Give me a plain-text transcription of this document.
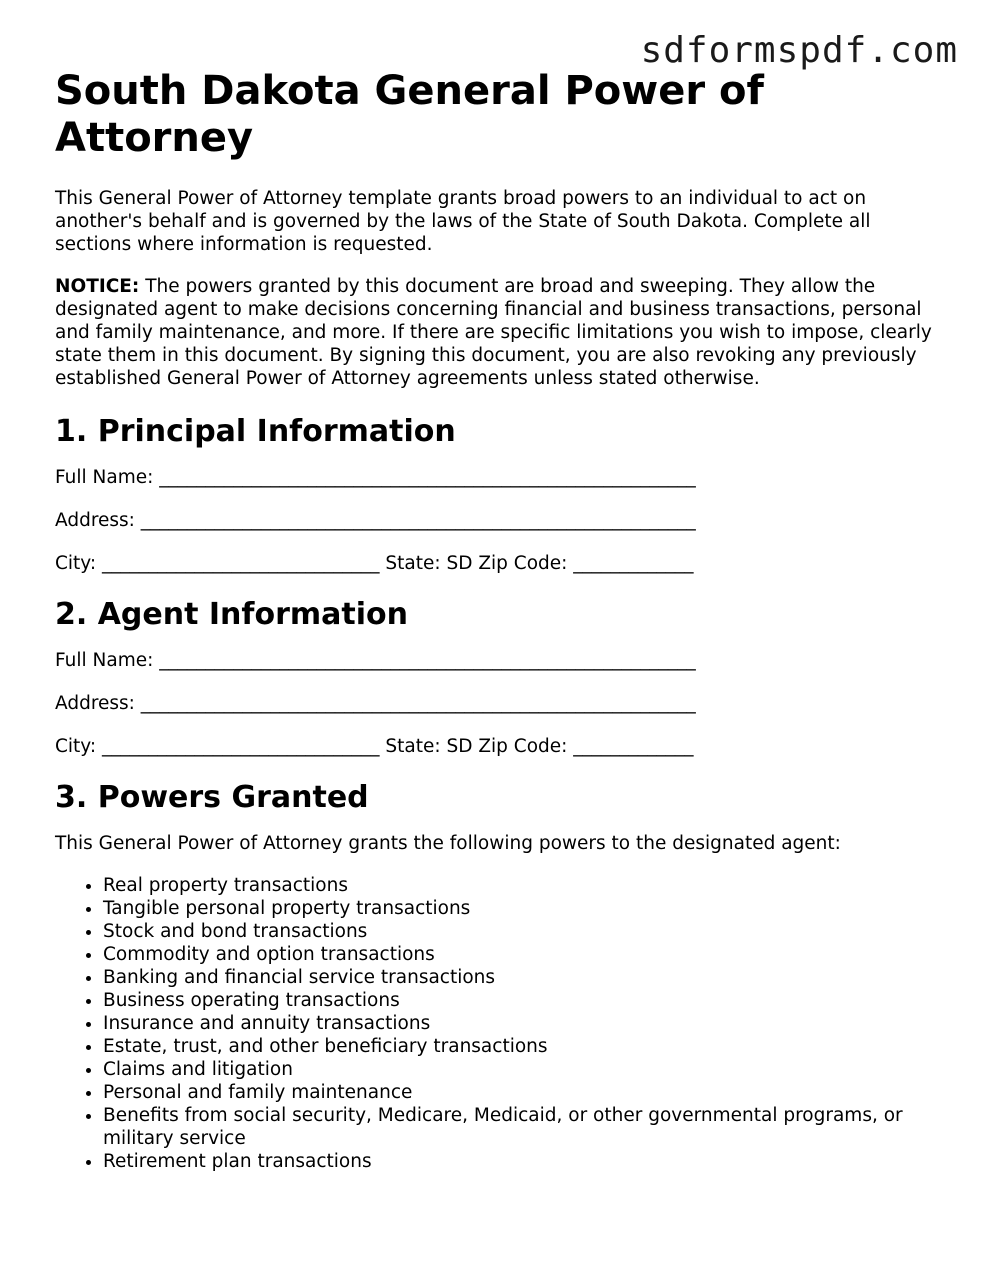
sdformspdf.com
South Dakota General Power of Attorney

This General Power of Attorney template grants broad powers to an individual to act on another's behalf and is governed by the laws of the State of South Dakota. Complete all sections where information is requested.

NOTICE: The powers granted by this document are broad and sweeping. They allow the designated agent to make decisions concerning financial and business transactions, personal and family maintenance, and more. If there are specific limitations you wish to impose, clearly state them in this document. By signing this document, you are also revoking any previously established General Power of Attorney agreements unless stated otherwise.

1. Principal Information
Full Name: __________________________________________________________
Address: ____________________________________________________________
City: ______________________________ State: SD Zip Code: _____________
2. Agent Information
Full Name: __________________________________________________________
Address: ____________________________________________________________
City: ______________________________ State: SD Zip Code: _____________
3. Powers Granted

This General Power of Attorney grants the following powers to the designated agent:

• Real property transactions
• Tangible personal property transactions
• Stock and bond transactions
• Commodity and option transactions
• Banking and financial service transactions
• Business operating transactions
• Insurance and annuity transactions
• Estate, trust, and other beneficiary transactions
• Claims and litigation
• Personal and family maintenance
• Benefits from social security, Medicare, Medicaid, or other governmental programs, or military service
• Retirement plan transactions
